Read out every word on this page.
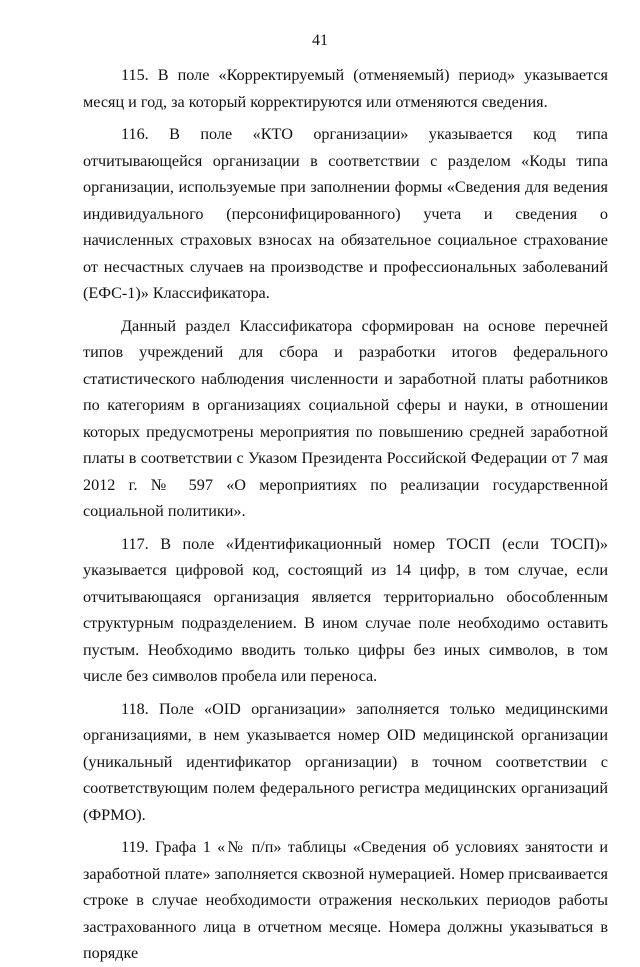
41

115. В поле «Корректируемый (отменяемый) период» указывается месяц и год, за который корректируются или отменяются сведения.

116. В поле «КТО организации» указывается код типа отчитывающейся организации в соответствии с разделом «Коды типа организации, используемые при заполнении формы «Сведения для ведения индивидуального (персонифицированного) учета и сведения о начисленных страховых взносах на обязательное социальное страхование от несчастных случаев на производстве и профессиональных заболеваний (ЕФС-1)» Классификатора.

Данный раздел Классификатора сформирован на основе перечней типов учреждений для сбора и разработки итогов федерального статистического наблюдения численности и заработной платы работников по категориям в организациях социальной сферы и науки, в отношении которых предусмотрены мероприятия по повышению средней заработной платы в соответствии с Указом Президента Российской Федерации от 7 мая 2012 г. № 597 «О мероприятиях по реализации государственной социальной политики».

117. В поле «Идентификационный номер ТОСП (если ТОСП)» указывается цифровой код, состоящий из 14 цифр, в том случае, если отчитывающаяся организация является территориально обособленным структурным подразделением. В ином случае поле необходимо оставить пустым. Необходимо вводить только цифры без иных символов, в том числе без символов пробела или переноса.

118. Поле «OID организации» заполняется только медицинскими организациями, в нем указывается номер OID медицинской организации (уникальный идентификатор организации) в точном соответствии с соответствующим полем федерального регистра медицинских организаций (ФРМО).

119. Графа 1 «№ п/п» таблицы «Сведения об условиях занятости и заработной плате» заполняется сквозной нумерацией. Номер присваивается строке в случае необходимости отражения нескольких периодов работы застрахованного лица в отчетном месяце. Номера должны указываться в порядке
